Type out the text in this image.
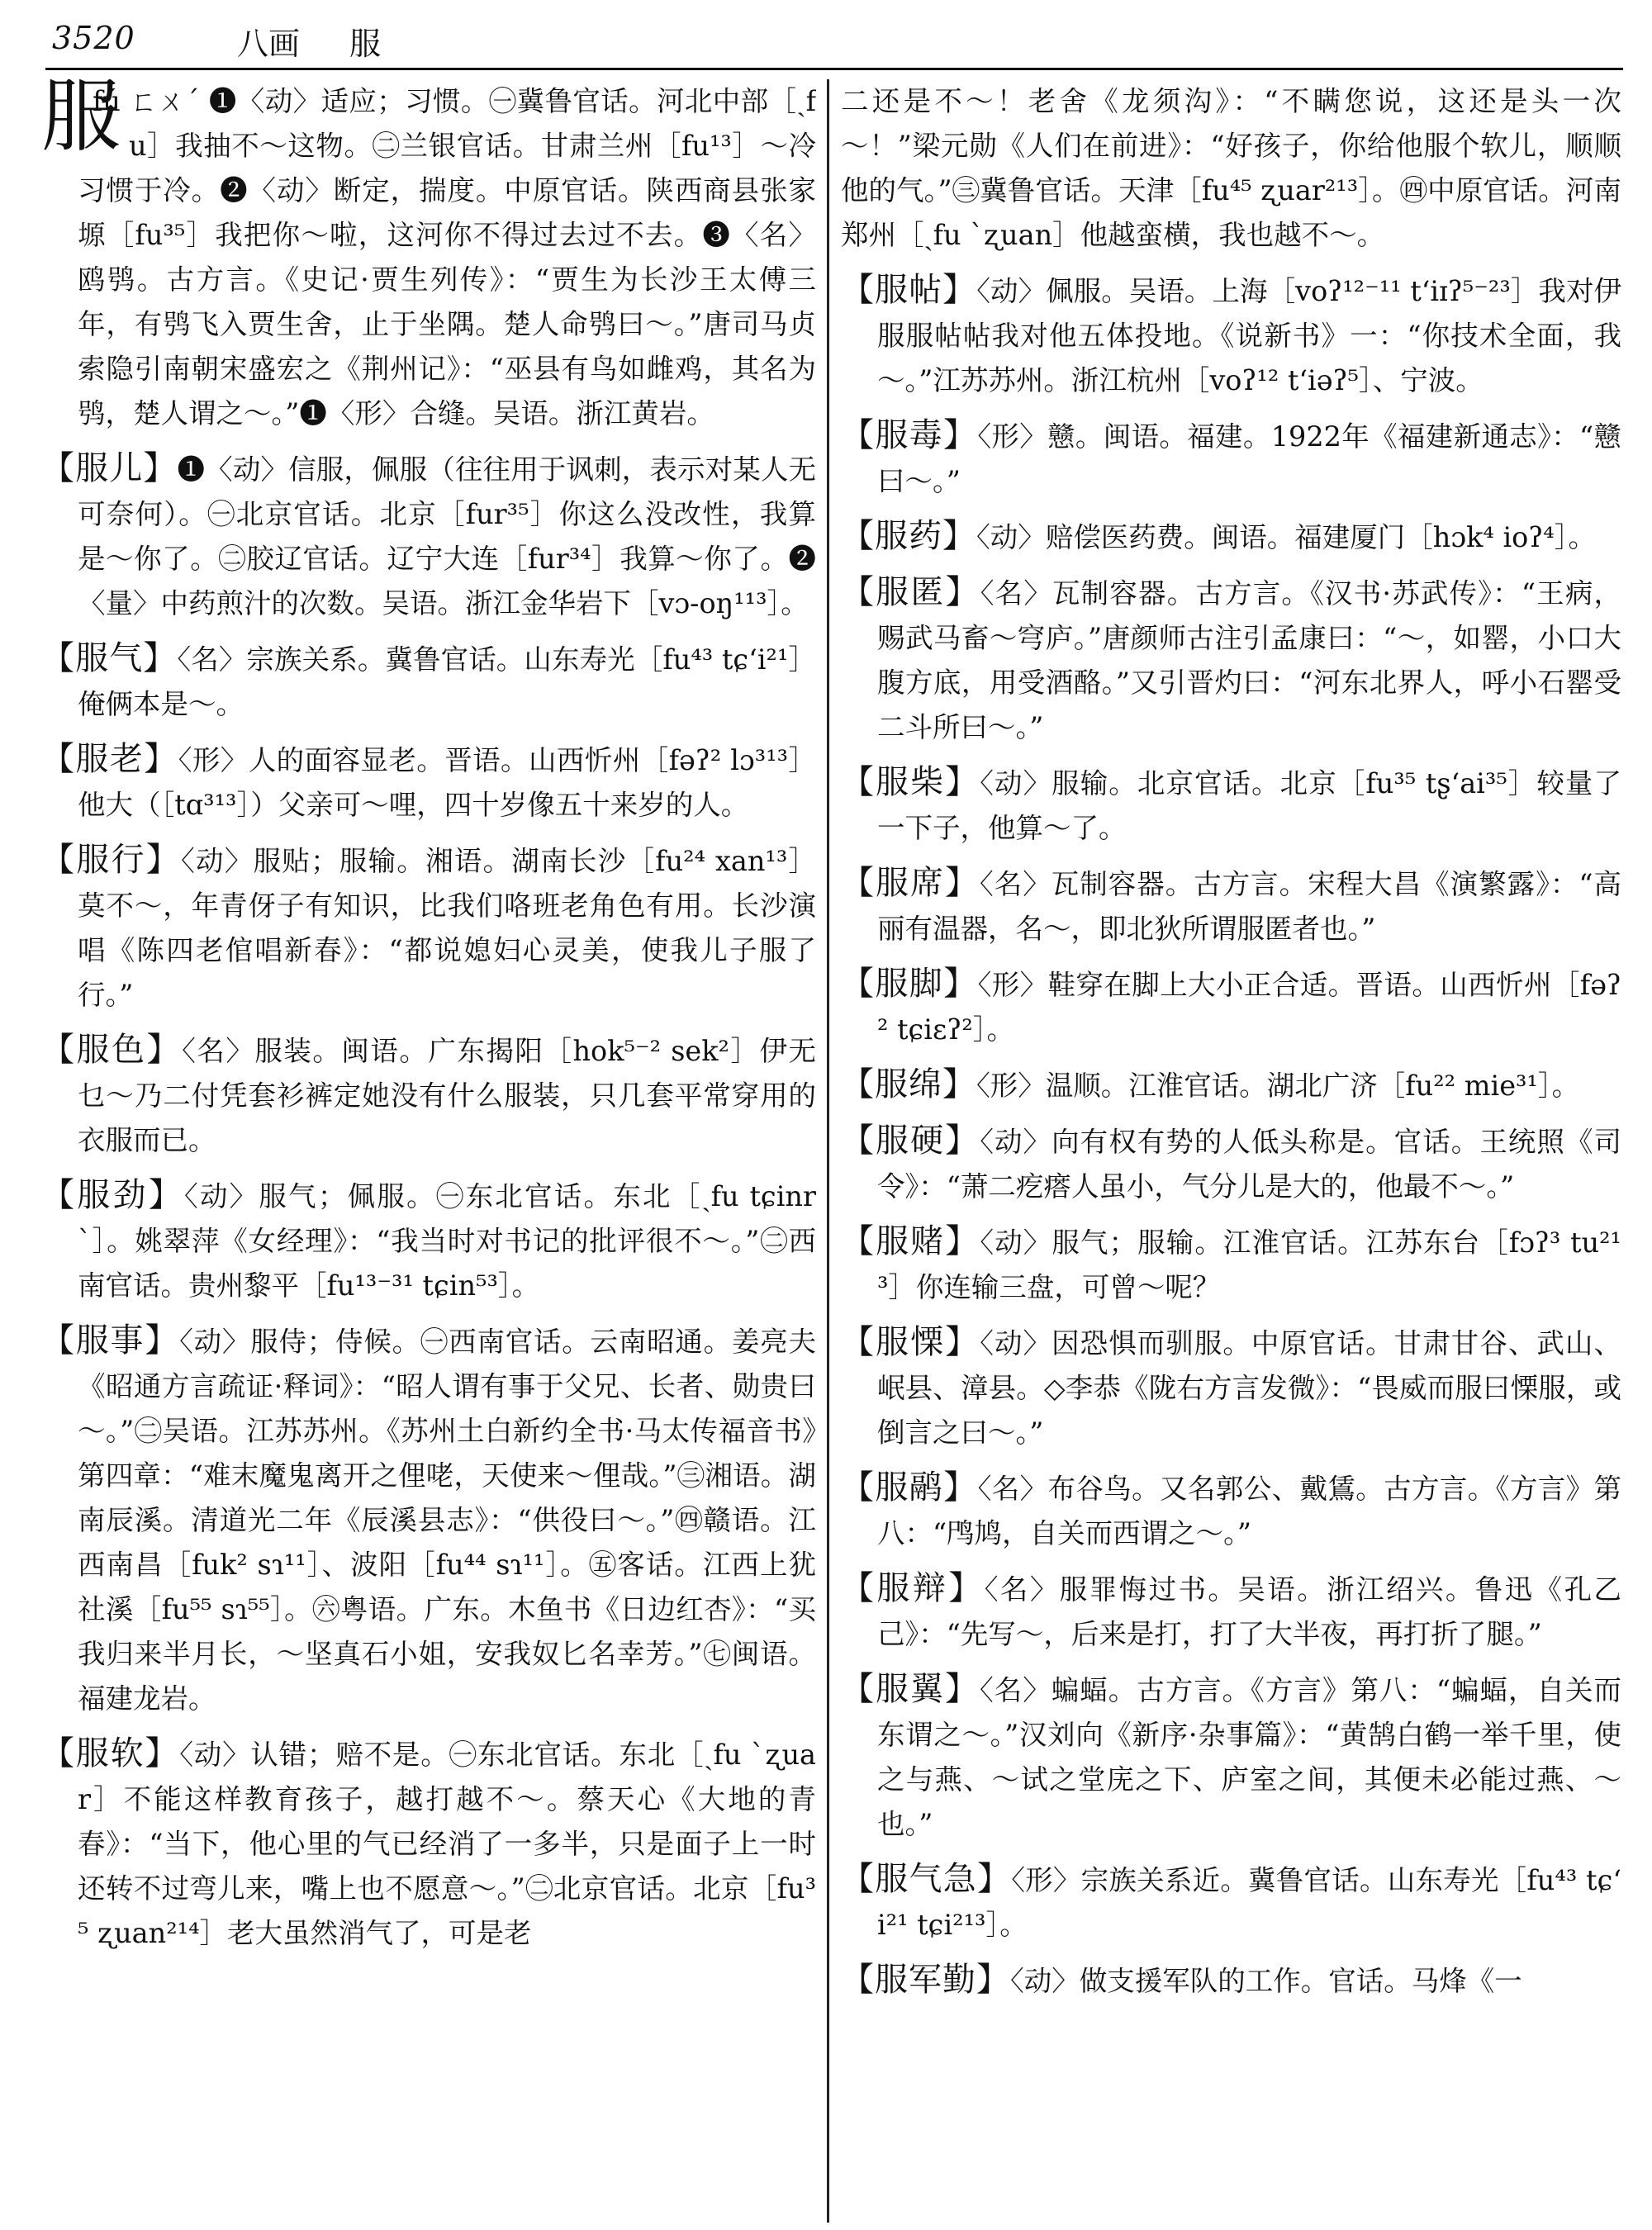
3520	八画 服
服
fú ㄈㄨˊ ❶〈动〉适应；习惯。㊀冀鲁官话。河北中部［ˏfu］我抽不～这物。㊁兰银官话。甘肃兰州［fu¹³］～冷习惯于冷。❷〈动〉断定，揣度。中原官话。陕西商县张家塬［fu³⁵］我把你～啦，这河你不得过去过不去。❸〈名〉鸥鸮。古方言。《史记·贾生列传》：“贾生为长沙王太傅三年，有鸮飞入贾生舍，止于坐隅。楚人命鸮曰～。”唐司马贞索隐引南朝宋盛宏之《荆州记》：“巫县有鸟如雌鸡，其名为鸮，楚人谓之～。”❶〈形〉合缝。吴语。浙江黄岩。
【服儿】❶〈动〉信服，佩服（往往用于讽刺，表示对某人无可奈何）。㊀北京官话。北京［fur³⁵］你这么没改性，我算是～你了。㊁胶辽官话。辽宁大连［fur³⁴］我算～你了。❷〈量〉中药煎汁的次数。吴语。浙江金华岩下［vɔ-oŋ¹¹³］。
【服气】〈名〉宗族关系。冀鲁官话。山东寿光［fu⁴³ tɕʻi²¹］俺俩本是～。
【服老】〈形〉人的面容显老。晋语。山西忻州［fəʔ² lɔ³¹³］他大（［tɑ³¹³］）父亲可～哩，四十岁像五十来岁的人。
【服行】〈动〉服贴；服输。湘语。湖南长沙［fu²⁴ xan¹³］莫不～，年青伢子有知识，比我们咯班老角色有用。长沙演唱《陈四老倌唱新春》：“都说媳妇心灵美，使我儿子服了行。”
【服色】〈名〉服装。闽语。广东揭阳［hok⁵⁻² sek²］伊无乜～乃二付凭套衫裤定她没有什么服装，只几套平常穿用的衣服而已。
【服劲】〈动〉服气；佩服。㊀东北官话。东北［ˏfu tɕinrˋ］。姚翠萍《女经理》：“我当时对书记的批评很不～。”㊁西南官话。贵州黎平［fu¹³⁻³¹ tɕin⁵³］。
【服事】〈动〉服侍；侍候。㊀西南官话。云南昭通。姜亮夫《昭通方言疏证·释词》：“昭人谓有事于父兄、长者、勋贵曰～。”㊁吴语。江苏苏州。《苏州土白新约全书·马太传福音书》第四章：“难末魔鬼离开之俚咾，天使来～俚哉。”㊂湘语。湖南辰溪。清道光二年《辰溪县志》：“供役曰～。”㊃赣语。江西南昌［fuk² sɿ¹¹］、波阳［fu⁴⁴ sɿ¹¹］。㊄客话。江西上犹社溪［fu⁵⁵ sɿ⁵⁵］。㊅粤语。广东。木鱼书《日边红杏》：“买我归来半月长，～坚真石小姐，安我奴匕名幸芳。”㊆闽语。福建龙岩。
【服软】〈动〉认错；赔不是。㊀东北官话。东北［ˏfu ˋʐuar］不能这样教育孩子，越打越不～。蔡天心《大地的青春》：“当下，他心里的气已经消了一多半，只是面子上一时还转不过弯儿来，嘴上也不愿意～。”㊁北京官话。北京［fu³⁵ ʐuan²¹⁴］老大虽然消气了，可是老
二还是不～！老舍《龙须沟》：“不瞒您说，这还是头一次～！”梁元勋《人们在前进》：“好孩子，你给他服个软儿，顺顺他的气。”㊂冀鲁官话。天津［fu⁴⁵ ʐuar²¹³］。㊃中原官话。河南郑州［ˏfu ˋʐuan］他越蛮横，我也越不～。
【服帖】〈动〉佩服。吴语。上海［voʔ¹²⁻¹¹ tʻiɪʔ⁵⁻²³］我对伊服服帖帖我对他五体投地。《说新书》一：“你技术全面，我～。”江苏苏州。浙江杭州［voʔ¹² tʻiəʔ⁵］、宁波。
【服毒】〈形〉戆。闽语。福建。1922年《福建新通志》：“戆曰～。”
【服药】〈动〉赔偿医药费。闽语。福建厦门［hɔk⁴ ioʔ⁴］。
【服匿】〈名〉瓦制容器。古方言。《汉书·苏武传》：“王病，赐武马畜～穹庐。”唐颜师古注引孟康曰：“～，如罂，小口大腹方底，用受酒酪。”又引晋灼曰：“河东北界人，呼小石罂受二斗所曰～。”
【服柴】〈动〉服输。北京官话。北京［fu³⁵ tʂʻai³⁵］较量了一下子，他算～了。
【服席】〈名〉瓦制容器。古方言。宋程大昌《演繁露》：“高丽有温器，名～，即北狄所谓服匿者也。”
【服脚】〈形〉鞋穿在脚上大小正合适。晋语。山西忻州［fəʔ² tɕiɛʔ²］。
【服绵】〈形〉温顺。江淮官话。湖北广济［fu²² mie³¹］。
【服硬】〈动〉向有权有势的人低头称是。官话。王统照《司令》：“萧二疙瘩人虽小，气分儿是大的，他最不～。”
【服赌】〈动〉服气；服输。江淮官话。江苏东台［fɔʔ³ tu²¹³］你连输三盘，可曾～呢？
【服慄】〈动〉因恐惧而驯服。中原官话。甘肃甘谷、武山、岷县、漳县。◇李恭《陇右方言发微》：“畏威而服曰慄服，或倒言之曰～。”
【服鹝】〈名〉布谷鸟。又名郭公、戴鵀。古方言。《方言》第八：“鸤鸠，自关而西谓之～。”
【服辩】〈名〉服罪悔过书。吴语。浙江绍兴。鲁迅《孔乙己》：“先写～，后来是打，打了大半夜，再打折了腿。”
【服翼】〈名〉蝙蝠。古方言。《方言》第八：“蝙蝠，自关而东谓之～。”汉刘向《新序·杂事篇》：“黄鹄白鹤一举千里，使之与燕、～试之堂庑之下、庐室之间，其便未必能过燕、～也。”
【服气急】〈形〉宗族关系近。冀鲁官话。山东寿光［fu⁴³ tɕʻi²¹ tɕi²¹³］。
【服军勤】〈动〉做支援军队的工作。官话。马烽《一
